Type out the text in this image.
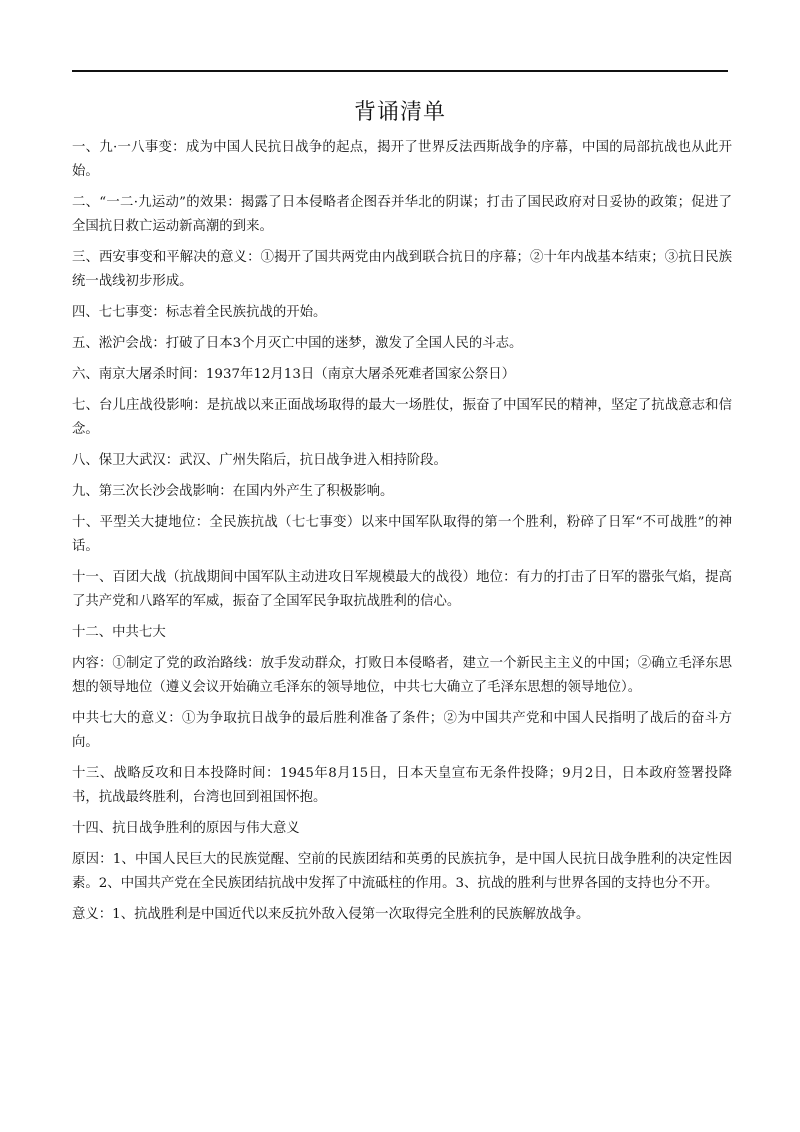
背诵清单

一、九·一八事变：成为中国人民抗日战争的起点，揭开了世界反法西斯战争的序幕，中国的局部抗战也从此开始。

二、“一二·九运动”的效果：揭露了日本侵略者企图吞并华北的阴谋；打击了国民政府对日妥协的政策；促进了全国抗日救亡运动新高潮的到来。

三、西安事变和平解决的意义：①揭开了国共两党由内战到联合抗日的序幕；②十年内战基本结束；③抗日民族统一战线初步形成。

四、七七事变：标志着全民族抗战的开始。

五、淞沪会战：打破了日本3个月灭亡中国的迷梦，激发了全国人民的斗志。

六、南京大屠杀时间：1937年12月13日（南京大屠杀死难者国家公祭日）

七、台儿庄战役影响：是抗战以来正面战场取得的最大一场胜仗，振奋了中国军民的精神，坚定了抗战意志和信念。

八、保卫大武汉：武汉、广州失陷后，抗日战争进入相持阶段。

九、第三次长沙会战影响：在国内外产生了积极影响。

十、平型关大捷地位：全民族抗战（七七事变）以来中国军队取得的第一个胜利，粉碎了日军“不可战胜”的神话。

十一、百团大战（抗战期间中国军队主动进攻日军规模最大的战役）地位：有力的打击了日军的嚣张气焰，提高了共产党和八路军的军威，振奋了全国军民争取抗战胜利的信心。

十二、中共七大

内容：①制定了党的政治路线：放手发动群众，打败日本侵略者，建立一个新民主主义的中国；②确立毛泽东思想的领导地位（遵义会议开始确立毛泽东的领导地位，中共七大确立了毛泽东思想的领导地位）。

中共七大的意义：①为争取抗日战争的最后胜利准备了条件；②为中国共产党和中国人民指明了战后的奋斗方向。

十三、战略反攻和日本投降时间：1945年8月15日，日本天皇宣布无条件投降；9月2日，日本政府签署投降书，抗战最终胜利，台湾也回到祖国怀抱。

十四、抗日战争胜利的原因与伟大意义

原因：1、中国人民巨大的民族觉醒、空前的民族团结和英勇的民族抗争，是中国人民抗日战争胜利的决定性因素。2、中国共产党在全民族团结抗战中发挥了中流砥柱的作用。3、抗战的胜利与世界各国的支持也分不开。

意义：1、抗战胜利是中国近代以来反抗外敌入侵第一次取得完全胜利的民族解放战争。
